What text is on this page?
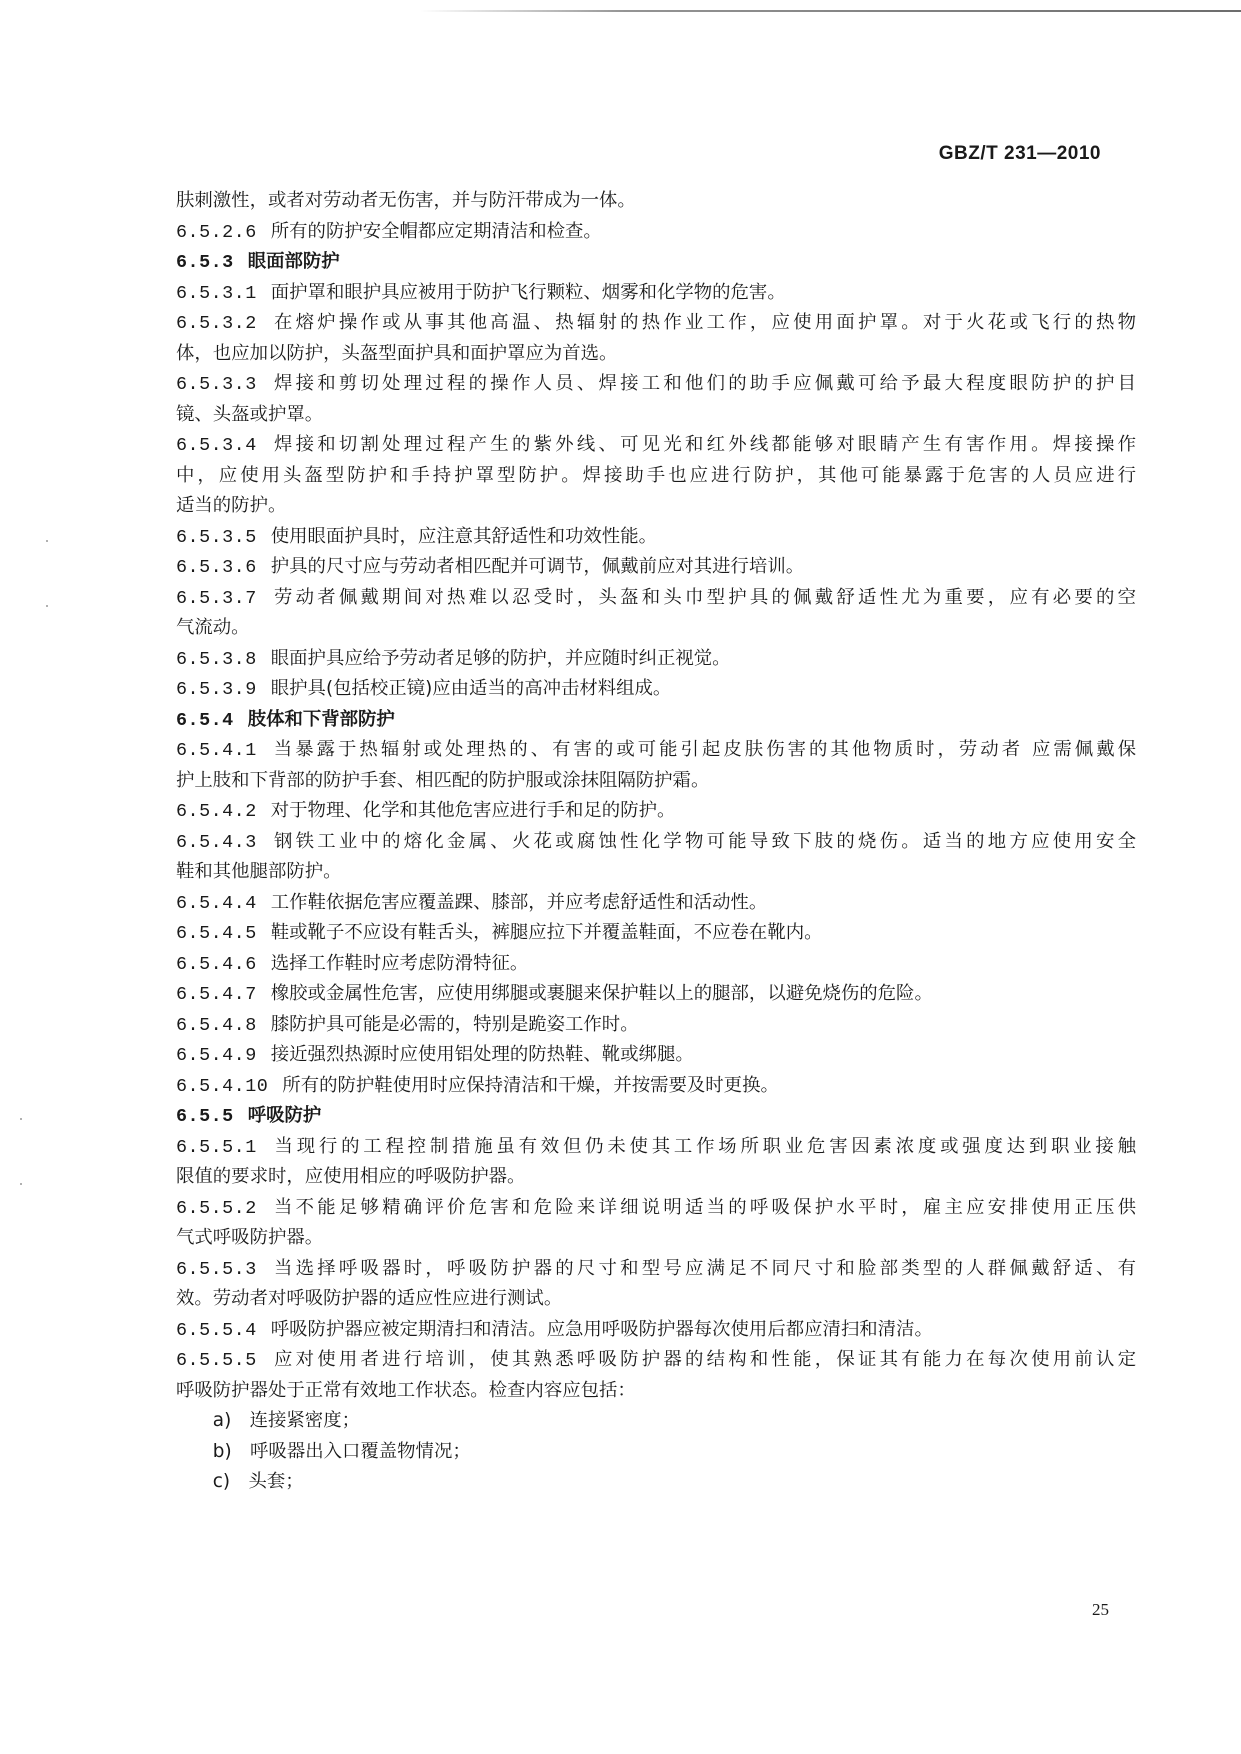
GBZ/T 231—2010
肤刺激性，或者对劳动者无伤害，并与防汗带成为一体。
6.5.2.6 所有的防护安全帽都应定期清洁和检查。
6.5.3 眼面部防护
6.5.3.1 面护罩和眼护具应被用于防护飞行颗粒、烟雾和化学物的危害。
6.5.3.2 在熔炉操作或从事其他高温、热辐射的热作业工作，应使用面护罩。对于火花或飞行的热物
体，也应加以防护，头盔型面护具和面护罩应为首选。
6.5.3.3 焊接和剪切处理过程的操作人员、焊接工和他们的助手应佩戴可给予最大程度眼防护的护目
镜、头盔或护罩。
6.5.3.4 焊接和切割处理过程产生的紫外线、可见光和红外线都能够对眼睛产生有害作用。焊接操作
中，应使用头盔型防护和手持护罩型防护。焊接助手也应进行防护，其他可能暴露于危害的人员应进行
适当的防护。
6.5.3.5 使用眼面护具时，应注意其舒适性和功效性能。
6.5.3.6 护具的尺寸应与劳动者相匹配并可调节，佩戴前应对其进行培训。
6.5.3.7 劳动者佩戴期间对热难以忍受时，头盔和头巾型护具的佩戴舒适性尤为重要，应有必要的空
气流动。
6.5.3.8 眼面护具应给予劳动者足够的防护，并应随时纠正视觉。
6.5.3.9 眼护具(包括校正镜)应由适当的高冲击材料组成。
6.5.4 肢体和下背部防护
6.5.4.1 当暴露于热辐射或处理热的、有害的或可能引起皮肤伤害的其他物质时，劳动者 应需佩戴保
护上肢和下背部的防护手套、相匹配的防护服或涂抹阻隔防护霜。
6.5.4.2 对于物理、化学和其他危害应进行手和足的防护。
6.5.4.3 钢铁工业中的熔化金属、火花或腐蚀性化学物可能导致下肢的烧伤。适当的地方应使用安全
鞋和其他腿部防护。
6.5.4.4 工作鞋依据危害应覆盖踝、膝部，并应考虑舒适性和活动性。
6.5.4.5 鞋或靴子不应设有鞋舌头，裤腿应拉下并覆盖鞋面，不应卷在靴内。
6.5.4.6 选择工作鞋时应考虑防滑特征。
6.5.4.7 橡胶或金属性危害，应使用绑腿或裹腿来保护鞋以上的腿部，以避免烧伤的危险。
6.5.4.8 膝防护具可能是必需的，特别是跪姿工作时。
6.5.4.9 接近强烈热源时应使用铝处理的防热鞋、靴或绑腿。
6.5.4.10 所有的防护鞋使用时应保持清洁和干燥，并按需要及时更换。
6.5.5 呼吸防护
6.5.5.1 当现行的工程控制措施虽有效但仍未使其工作场所职业危害因素浓度或强度达到职业接触
限值的要求时，应使用相应的呼吸防护器。
6.5.5.2 当不能足够精确评价危害和危险来详细说明适当的呼吸保护水平时，雇主应安排使用正压供
气式呼吸防护器。
6.5.5.3 当选择呼吸器时，呼吸防护器的尺寸和型号应满足不同尺寸和脸部类型的人群佩戴舒适、有
效。劳动者对呼吸防护器的适应性应进行测试。
6.5.5.4 呼吸防护器应被定期清扫和清洁。应急用呼吸防护器每次使用后都应清扫和清洁。
6.5.5.5 应对使用者进行培训，使其熟悉呼吸防护器的结构和性能，保证其有能力在每次使用前认定
呼吸防护器处于正常有效地工作状态。检查内容应包括：
a)　连接紧密度；
b)　呼吸器出入口覆盖物情况；
c)　头套；
25
